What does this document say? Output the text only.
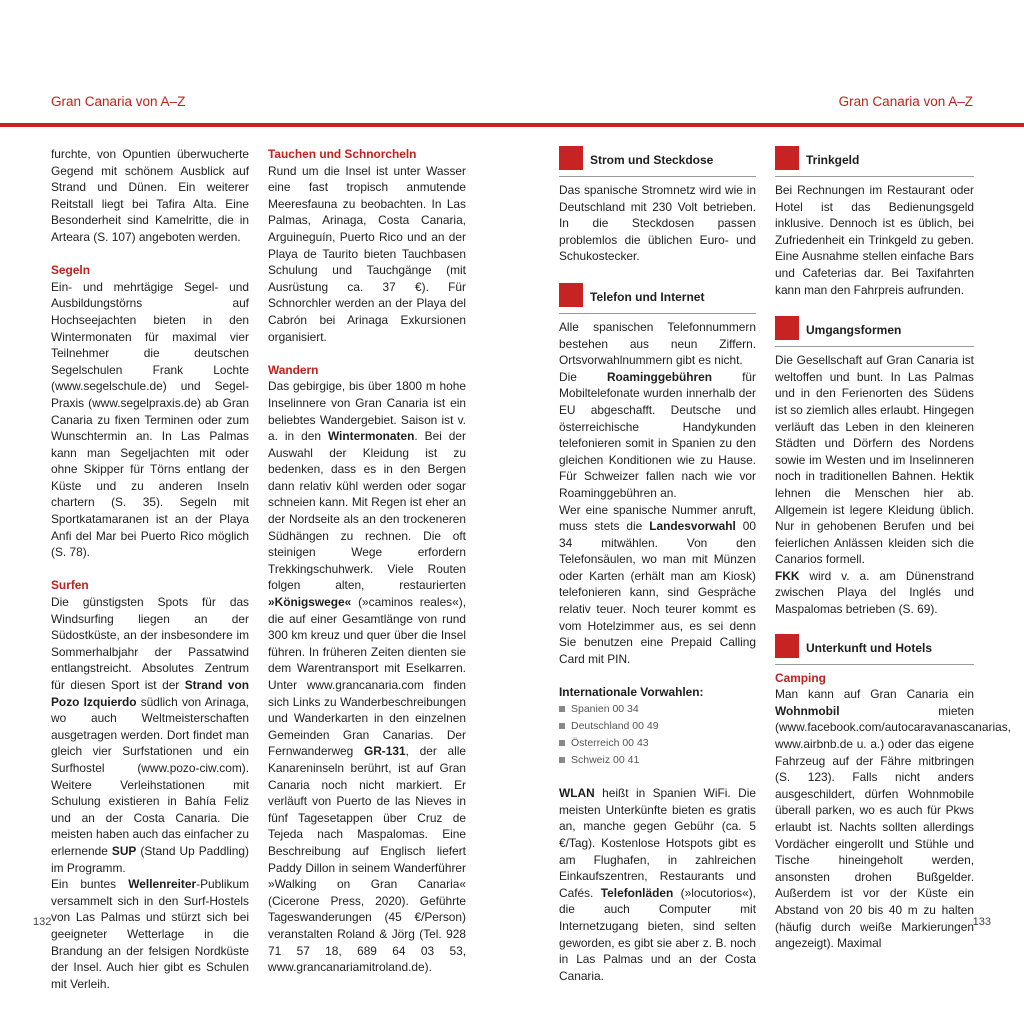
Gran Canaria von A–Z	Gran Canaria von A–Z

furchte, von Opuntien überwucherte Gegend mit schönem Ausblick auf Strand und Dünen. Ein weiterer Reitstall liegt bei Tafira Alta. Eine Besonderheit sind Kamelritte, die in Artеara (S. 107) angeboten werden.

Segeln

Ein- und mehrtägige Segel- und Ausbildungstörns auf Hochseejachten bieten in den Wintermonaten für maximal vier Teilnehmer die deutschen Segelschulen Frank Lochte (www.segelschule.de) und Segel-Praxis (www.segelpraxis.de) ab Gran Canaria zu fixen Terminen oder zum Wunschtermin an. In Las Palmas kann man Segeljachten mit oder ohne Skipper für Törns entlang der Küste und zu anderen Inseln chartern (S. 35). Segeln mit Sportkatamaranen ist an der Playa Anfi del Mar bei Puerto Rico möglich (S. 78).

Surfen

Die günstigsten Spots für das Windsurfing liegen an der Südostküste, an der insbesondere im Sommerhalbjahr der Passatwind entlangstreicht. Absolutes Zentrum für diesen Sport ist der Strand von Pozo Izquierdo südlich von Arinaga, wo auch Weltmeisterschaften ausgetragen werden. Dort findet man gleich vier Surfstationen und ein Surfhostel (www.pozo-ciw.com). Weitere Verleihstationen mit Schulung existieren in Bahía Feliz und an der Costa Canaria. Die meisten haben auch das einfacher zu erlernende SUP (Stand Up Paddling) im Programm.

Ein buntes Wellenreiter-Publikum versammelt sich in den Surf-Hostels von Las Palmas und stürzt sich bei geeigneter Wetterlage in die Brandung an der felsigen Nordküste der Insel. Auch hier gibt es Schulen mit Verleih.

Tauchen und Schnorcheln

Rund um die Insel ist unter Wasser eine fast tropisch anmutende Meeresfauna zu beobachten. In Las Palmas, Arinaga, Costa Canaria, Arguineguín, Puerto Rico und an der Playa de Taurito bieten Tauchbasen Schulung und Tauchgänge (mit Ausrüstung ca. 37 €). Für Schnorchler werden an der Playa del Cabrón bei Arinaga Exkursionen organisiert.

Wandern

Das gebirgige, bis über 1800 m hohe Inselinnere von Gran Canaria ist ein beliebtes Wandergebiet. Saison ist v. a. in den Wintermonaten. Bei der Auswahl der Kleidung ist zu bedenken, dass es in den Bergen dann relativ kühl werden oder sogar schneien kann. Mit Regen ist eher an der Nordseite als an den trockeneren Südhängen zu rechnen. Die oft steinigen Wege erfordern Trekkingschuhwerk. Viele Routen folgen alten, restaurierten »Königswege« (»caminos reales«), die auf einer Gesamtlänge von rund 300 km kreuz und quer über die Insel führen. In früheren Zeiten dienten sie dem Warentransport mit Eselkarren. Unter www.grancanaria.com finden sich Links zu Wanderbeschreibungen und Wanderkarten in den einzelnen Gemeinden Gran Canarias. Der Fernwanderweg GR-131, der alle Kanareninseln berührt, ist auf Gran Canaria noch nicht markiert. Er verläuft von Puerto de las Nieves in fünf Tagesetappen über Cruz de Tejeda nach Maspalomas. Eine Beschreibung auf Englisch liefert Paddy Dillon in seinem Wanderführer »Walking on Gran Canaria« (Cicerone Press, 2020). Geführte Tageswanderungen (45 €/Person) veranstalten Roland & Jörg (Tel. 928 71 57 18, 689 64 03 53, www.grancanariamitroland.de).

Strom und Steckdose

Das spanische Stromnetz wird wie in Deutschland mit 230 Volt betrieben. In die Steckdosen passen problemlos die üblichen Euro- und Schukostecker.

Telefon und Internet

Alle spanischen Telefonnummern bestehen aus neun Ziffern. Ortsvorwahlnummern gibt es nicht.

Die Roaminggebühren für Mobiltelefonate wurden innerhalb der EU abgeschafft. Deutsche und österreichische Handykunden telefonieren somit in Spanien zu den gleichen Konditionen wie zu Hause. Für Schweizer fallen nach wie vor Roaminggebühren an.

Wer eine spanische Nummer anruft, muss stets die Landesvorwahl 00 34 mitwählen. Von den Telefonsäulen, wo man mit Münzen oder Karten (erhält man am Kiosk) telefonieren kann, sind Gespräche relativ teuer. Noch teurer kommt es vom Hotelzimmer aus, es sei denn Sie benutzen eine Prepaid Calling Card mit PIN.

Internationale Vorwahlen:

Spanien 00 34
Deutschland 00 49
Österreich 00 43
Schweiz 00 41

WLAN heißt in Spanien WiFi. Die meisten Unterkünfte bieten es gratis an, manche gegen Gebühr (ca. 5 €/Tag). Kostenlose Hotspots gibt es am Flughafen, in zahlreichen Einkaufszentren, Restaurants und Cafés. Telefonläden (»locutorios«), die auch Computer mit Internetzugang bieten, sind selten geworden, es gibt sie aber z. B. noch in Las Palmas und an der Costa Canaria.

Trinkgeld

Bei Rechnungen im Restaurant oder Hotel ist das Bedienungsgeld inklusive. Dennoch ist es üblich, bei Zufriedenheit ein Trinkgeld zu geben. Eine Ausnahme stellen einfache Bars und Cafeterias dar. Bei Taxifahrten kann man den Fahrpreis aufrunden.

Umgangsformen

Die Gesellschaft auf Gran Canaria ist weltoffen und bunt. In Las Palmas und in den Ferienorten des Südens ist so ziemlich alles erlaubt. Hingegen verläuft das Leben in den kleineren Städten und Dörfern des Nordens sowie im Westen und im Inselinneren noch in traditionellen Bahnen. Hektik lehnen die Menschen hier ab. Allgemein ist legere Kleidung üblich. Nur in gehobenen Berufen und bei feierlichen Anlässen kleiden sich die Canarios formell.

FKK wird v. a. am Dünenstrand zwischen Playa del Inglés und Maspalomas betrieben (S. 69).

Unterkunft und Hotels

Camping

Man kann auf Gran Canaria ein Wohnmobil mieten (www.facebook.com/autocaravanascanarias, www.airbnb.de u. a.) oder das eigene Fahrzeug auf der Fähre mitbringen (S. 123). Falls nicht anders ausgeschildert, dürfen Wohnmobile überall parken, wo es auch für Pkws erlaubt ist. Nachts sollten allerdings Vordächer eingerollt und Stühle und Tische hineingeholt werden, ansonsten drohen Bußgelder. Außerdem ist vor der Küste ein Abstand von 20 bis 40 m zu halten (häufig durch weiße Markierungen angezeigt). Maximal

132	133
